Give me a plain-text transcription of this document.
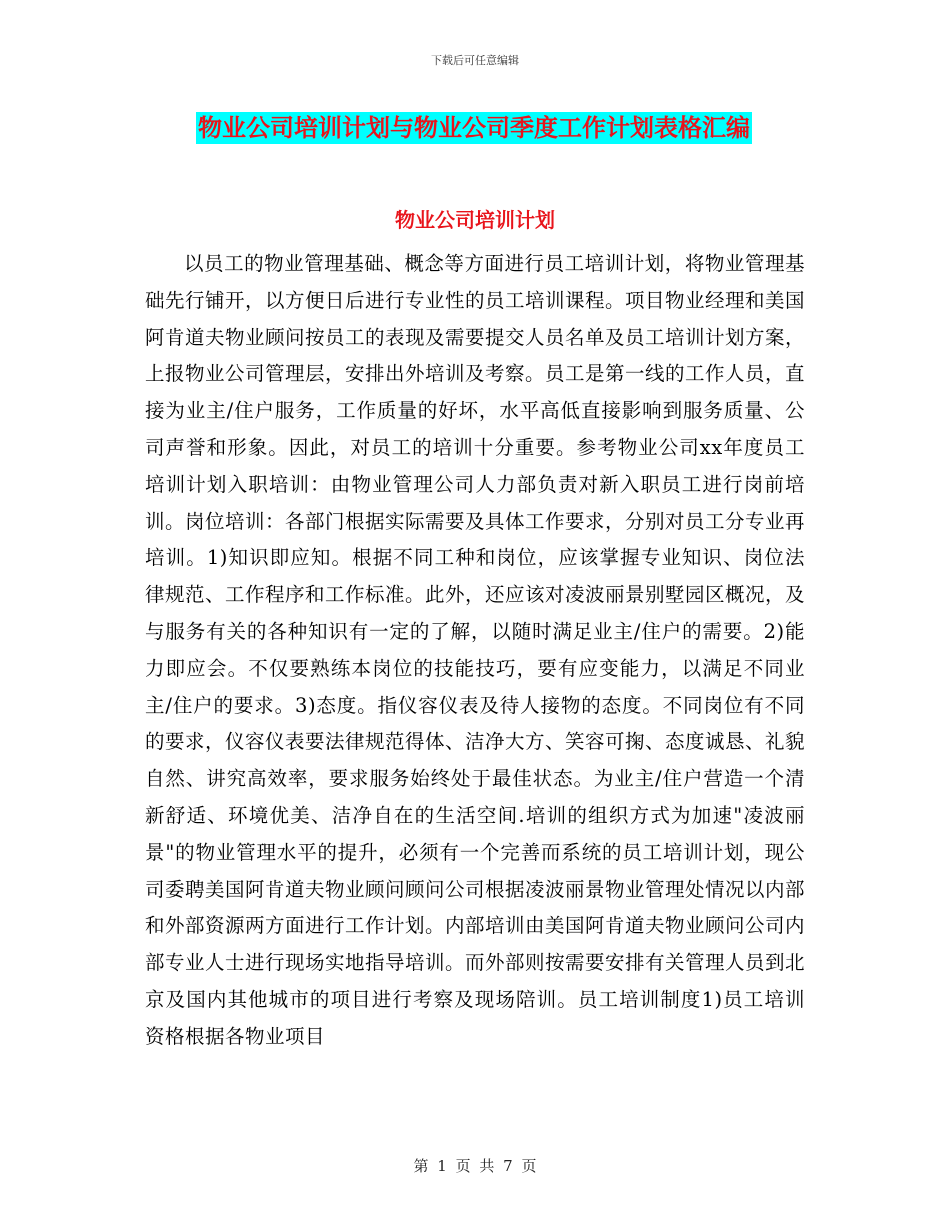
下载后可任意编辑
物业公司培训计划与物业公司季度工作计划表格汇编
物业公司培训计划

以员工的物业管理基础、概念等方面进行员工培训计划，将物业管理基础先行铺开，以方便日后进行专业性的员工培训课程。项目物业经理和美国阿肯道夫物业顾问按员工的表现及需要提交人员名单及员工培训计划方案，上报物业公司管理层，安排出外培训及考察。员工是第一线的工作人员，直接为业主/住户服务，工作质量的好坏，水平高低直接影响到服务质量、公司声誉和形象。因此，对员工的培训十分重要。参考物业公司xx年度员工培训计划入职培训：由物业管理公司人力部负责对新入职员工进行岗前培训。岗位培训：各部门根据实际需要及具体工作要求，分别对员工分专业再培训。1)知识即应知。根据不同工种和岗位，应该掌握专业知识、岗位法律规范、工作程序和工作标准。此外，还应该对凌波丽景别墅园区概况，及与服务有关的各种知识有一定的了解，以随时满足业主/住户的需要。2)能力即应会。不仅要熟练本岗位的技能技巧，要有应变能力，以满足不同业主/住户的要求。3)态度。指仪容仪表及待人接物的态度。不同岗位有不同的要求，仪容仪表要法律规范得体、洁净大方、笑容可掬、态度诚恳、礼貌自然、讲究高效率，要求服务始终处于最佳状态。为业主/住户营造一个清新舒适、环境优美、洁净自在的生活空间.培训的组织方式为加速"凌波丽景"的物业管理水平的提升，必须有一个完善而系统的员工培训计划，现公司委聘美国阿肯道夫物业顾问顾问公司根据凌波丽景物业管理处情况以内部和外部资源两方面进行工作计划。内部培训由美国阿肯道夫物业顾问公司内部专业人士进行现场实地指导培训。而外部则按需要安排有关管理人员到北京及国内其他城市的项目进行考察及现场陪训。员工培训制度1)员工培训资格根据各物业项目

第 1 页 共 7 页
